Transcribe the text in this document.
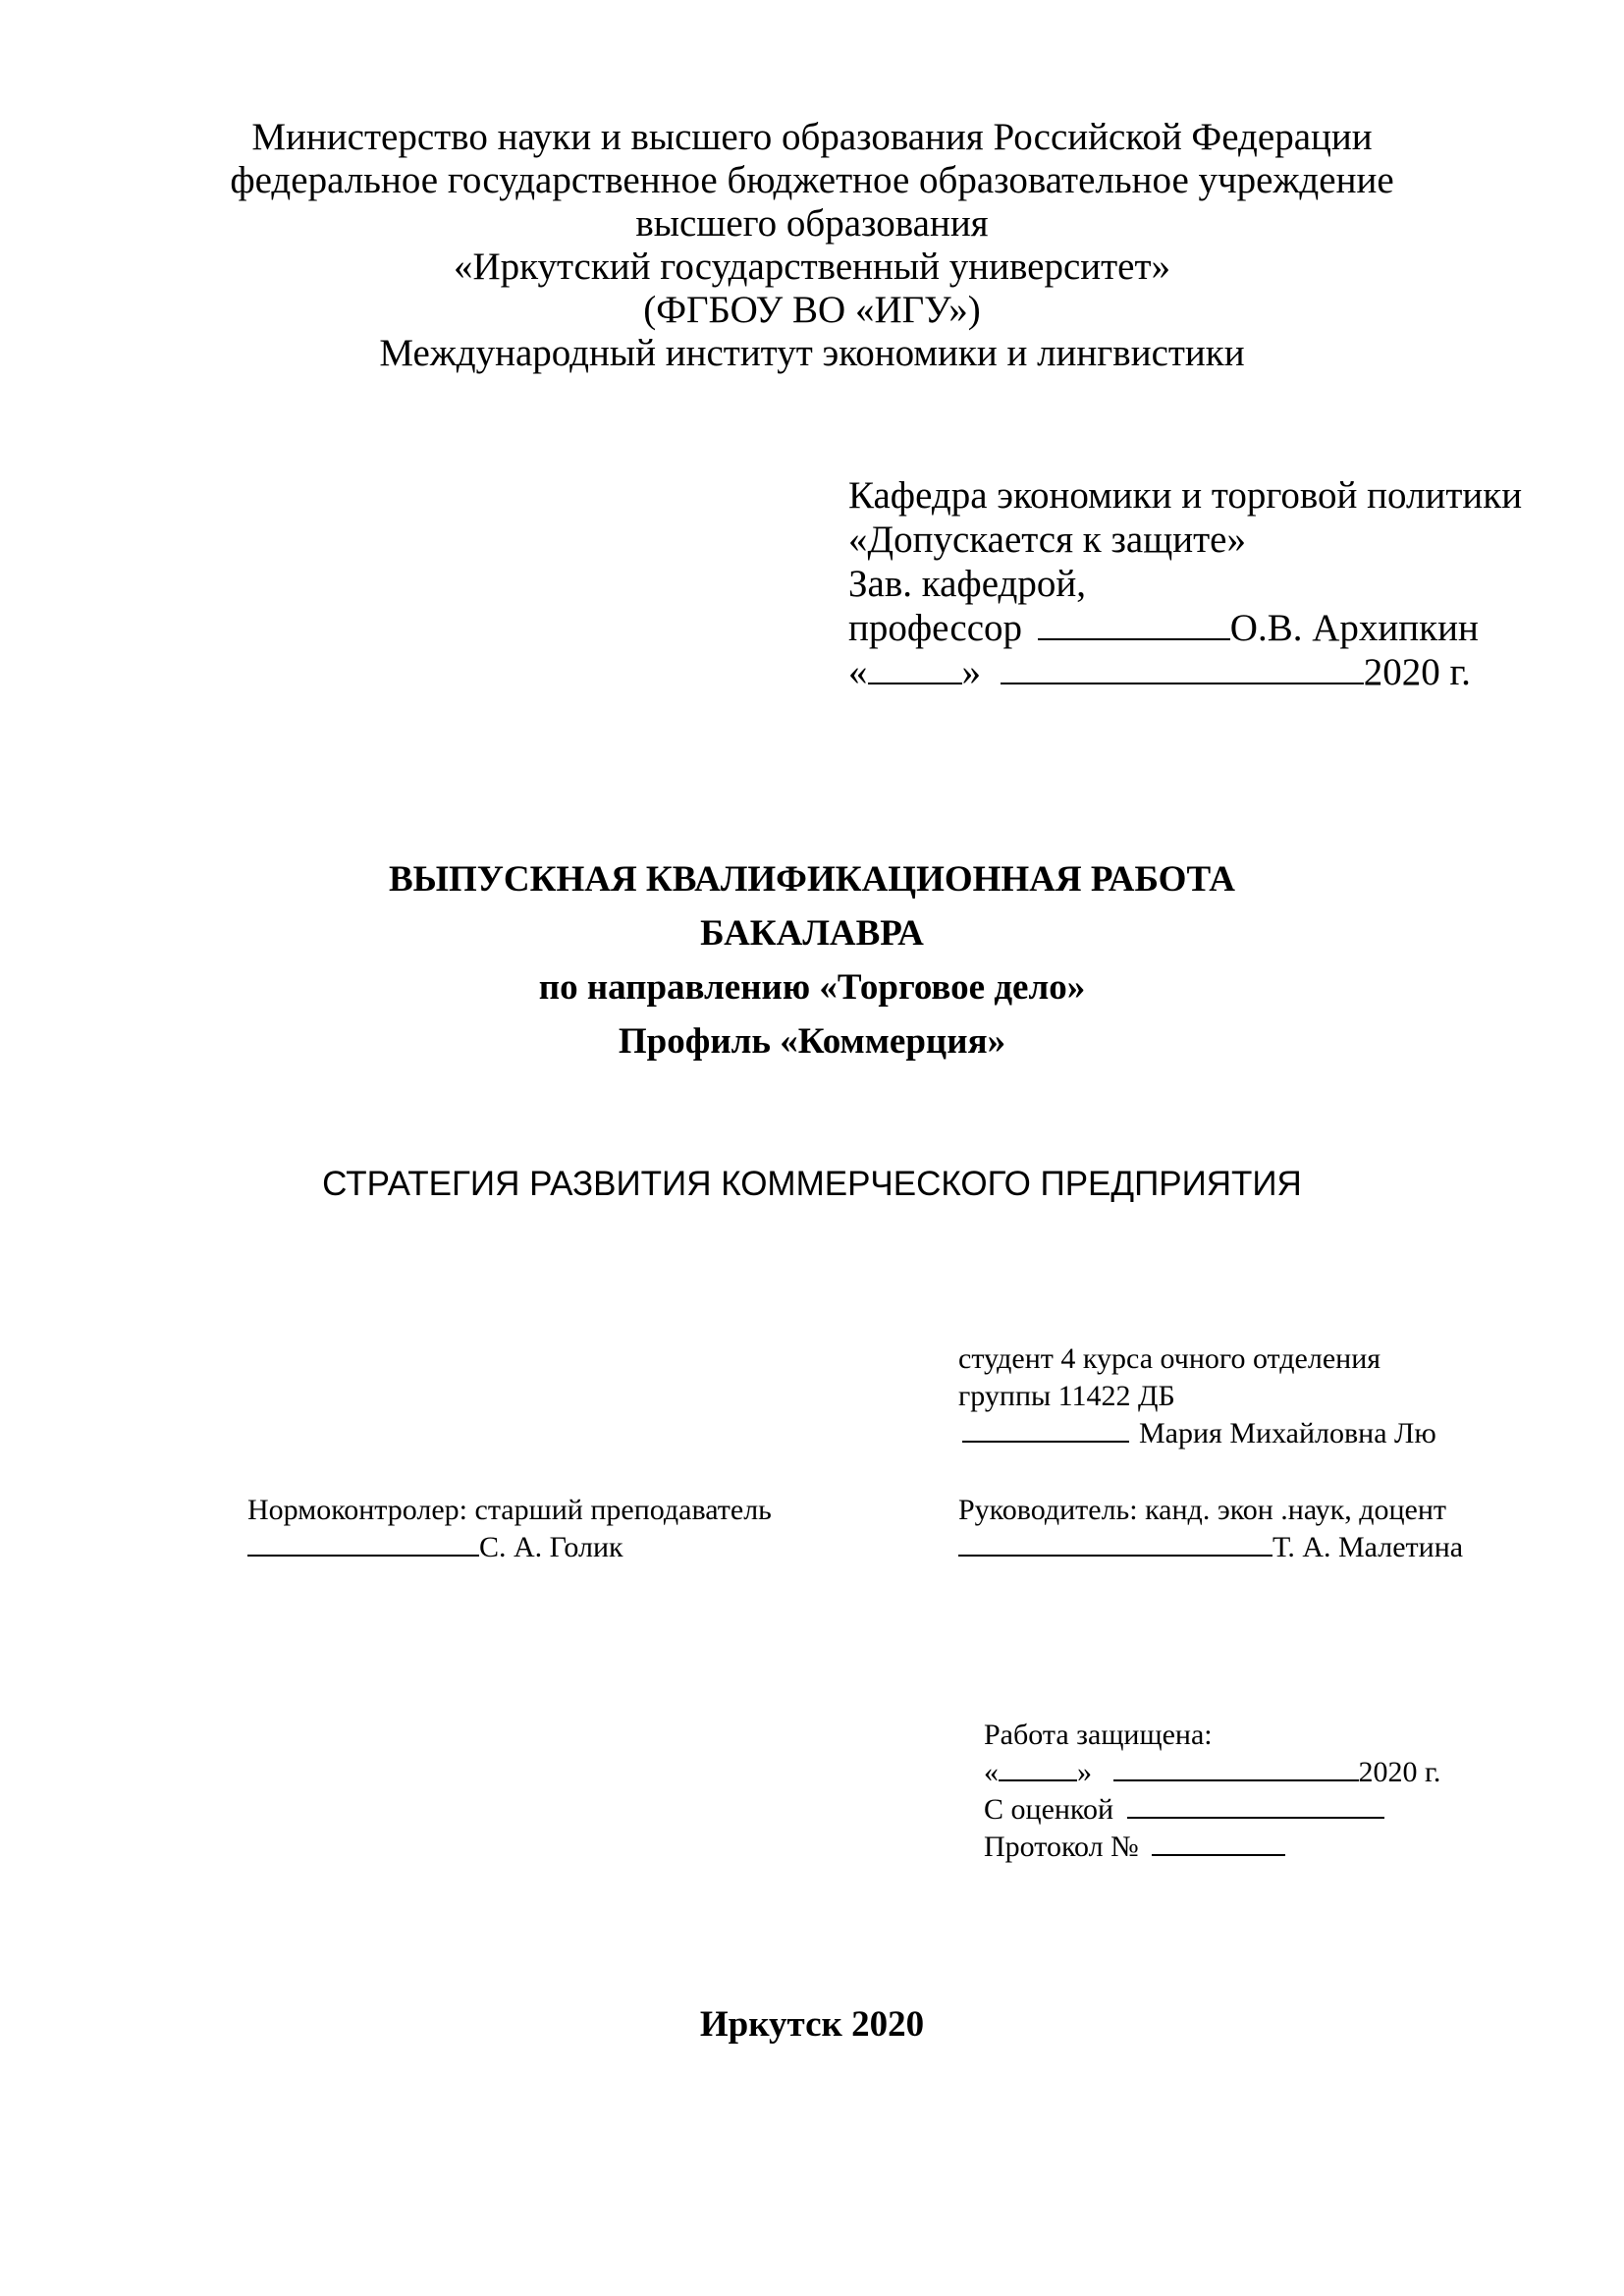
Министерство науки и высшего образования Российской Федерации
федеральное государственное бюджетное образовательное учреждение
высшего образования
«Иркутский государственный университет»
(ФГБОУ ВО «ИГУ»)
Международный институт экономики и лингвистики
Кафедра экономики и торговой политики
«Допускается к защите»
Зав. кафедрой,
профессор	О.В. Архипкин
« »	2020 г.
ВЫПУСКНАЯ КВАЛИФИКАЦИОННАЯ РАБОТА
БАКАЛАВРА
по направлению «Торговое дело»
Профиль «Коммерция»
СТРАТЕГИЯ РАЗВИТИЯ КОММЕРЧЕСКОГО ПРЕДПРИЯТИЯ
студент 4 курса очного отделения
группы 11422 ДБ
Мария Михайловна Лю
Нормоконтролер: старший преподаватель
С. А. Голик
Руководитель: канд. экон .наук, доцент
Т. А. Малетина
Работа защищена:
«	»	2020 г.
С оценкой
Протокол №
Иркутск 2020
